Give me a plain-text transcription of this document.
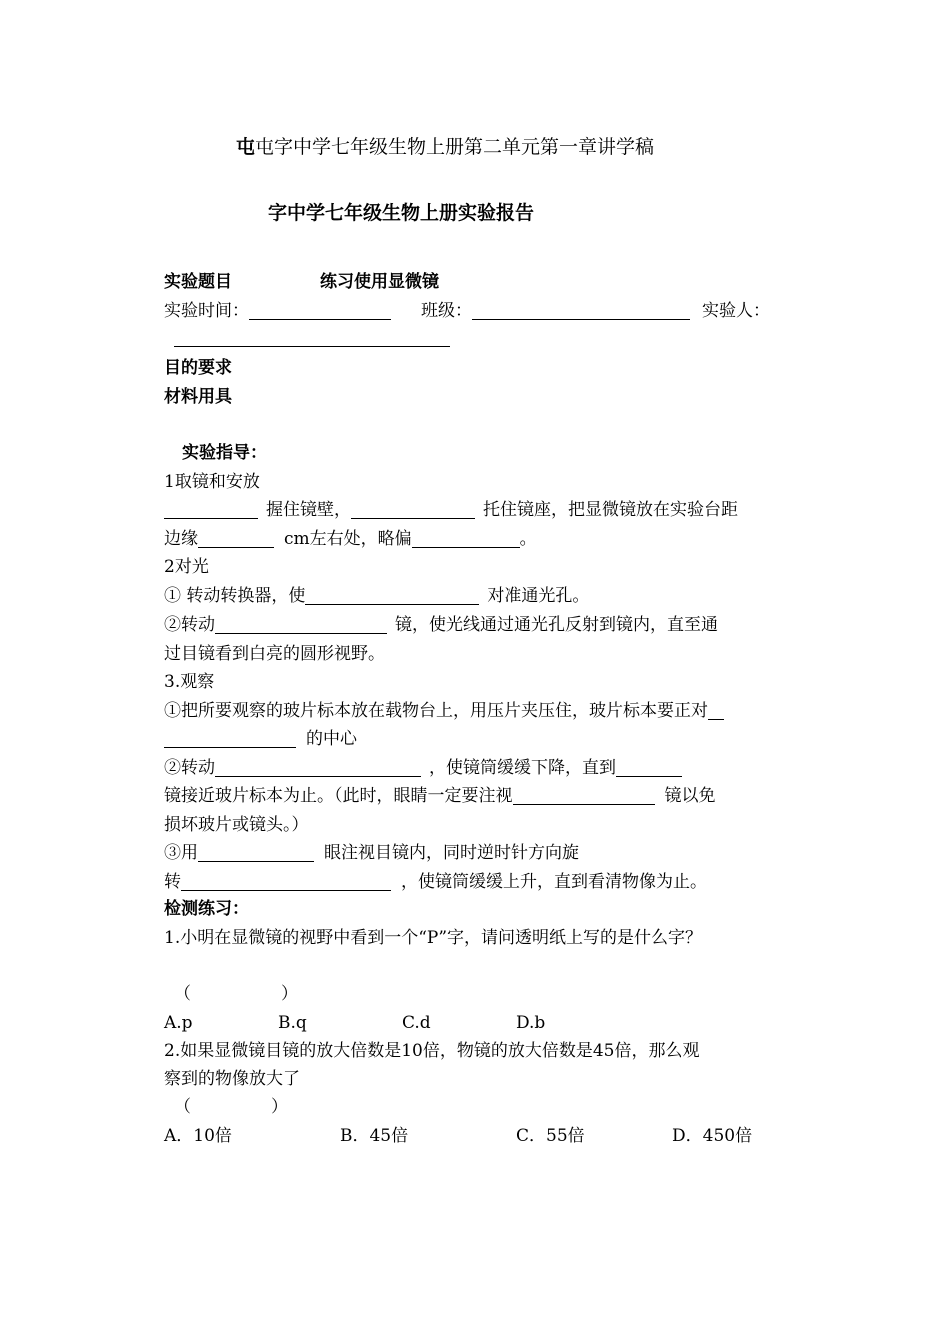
屯屯字中学七年级生物上册第二单元第一章讲学稿
字中学七年级生物上册实验报告
实验题目	练习使用显微镜
实验时间：	班级：	实验人：
目的要求
材料用具
实验指导：
1取镜和安放
握住镜壁，	托住镜座，把显微镜放在实验台距
边缘	cm左右处，略偏	。
2对光
① 转动转换器，使	对准通光孔。
②转动	镜，使光线通过通光孔反射到镜内，直至通
过目镜看到白亮的圆形视野。
3.观察
①把所要观察的玻片标本放在载物台上，用压片夹压住，玻片标本要正对
的中心
②转动	，使镜筒缓缓下降，直到
镜接近玻片标本为止。（此时，眼睛一定要注视	镜以免
损坏玻片或镜头。）
③用	眼注视目镜内，同时逆时针方向旋
转	，使镜筒缓缓上升，直到看清物像为止。
检测练习：
1.小明在显微镜的视野中看到一个“P”字，请问透明纸上写的是什么字？
（	）
A.p	B.q	C.d	D.b
2.如果显微镜目镜的放大倍数是10倍，物镜的放大倍数是45倍，那么观
察到的物像放大了
（	）
A．10倍	B．45倍	C．55倍	D．450倍
